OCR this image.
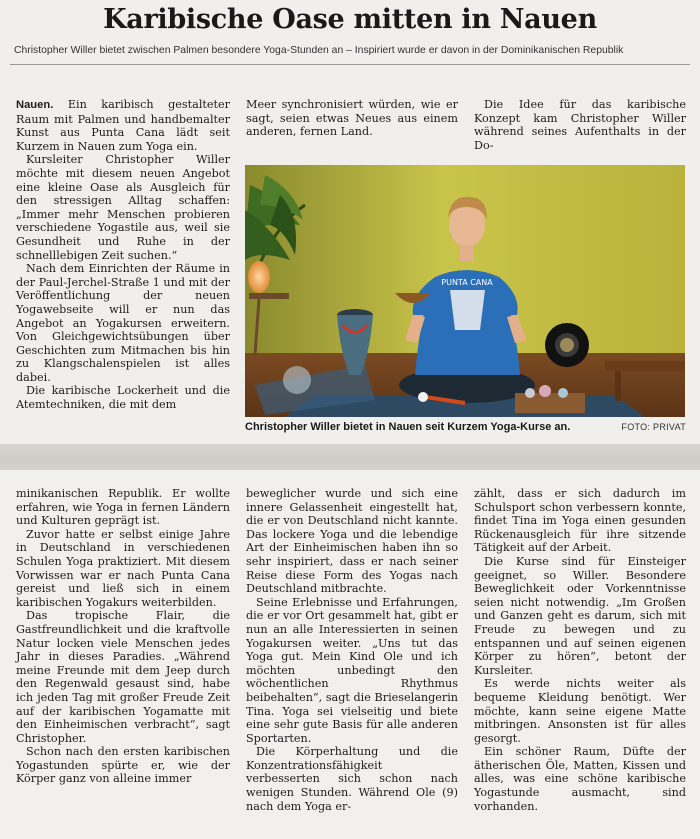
Karibische Oase mitten in Nauen
Christopher Willer bietet zwischen Palmen besondere Yoga-Stunden an – Inspiriert wurde er davon in der Dominikanischen Republik

Nauen. Ein karibisch gestalteter Raum mit Palmen und handbemalter Kunst aus Punta Cana lädt seit Kurzem in Nauen zum Yoga ein.

Kursleiter Christopher Willer möchte mit diesem neuen Angebot eine kleine Oase als Ausgleich für den stressigen Alltag schaffen: „Immer mehr Menschen probieren verschiedene Yogastile aus, weil sie Gesundheit und Ruhe in der schnelllebigen Zeit suchen.“

Nach dem Einrichten der Räume in der Paul-Jerchel-Straße 1 und mit der Veröffentlichung der neuen Yogawebseite will er nun das Angebot an Yogakursen erweitern. Von Gleichgewichtsübungen über Geschichten zum Mitmachen bis hin zu Klangschalenspielen ist alles dabei.

Die karibische Lockerheit und die Atemtechniken, die mit dem

Meer synchronisiert würden, wie er sagt, seien etwas Neues aus einem anderen, fernen Land.

Die Idee für das karibische Konzept kam Christopher Willer während seines Aufenthalts in der Do-

PUNTA CANA
Christopher Willer bietet in Nauen seit Kurzem Yoga-Kurse an.	FOTO: PRIVAT

minikanischen Republik. Er wollte erfahren, wie Yoga in fernen Ländern und Kulturen geprägt ist.

Zuvor hatte er selbst einige Jahre in Deutschland in verschiedenen Schulen Yoga praktiziert. Mit diesem Vorwissen war er nach Punta Cana gereist und ließ sich in einem karibischen Yogakurs weiterbilden.

Das tropische Flair, die Gastfreundlichkeit und die kraftvolle Natur locken viele Menschen jedes Jahr in dieses Paradies. „Während meine Freunde mit dem Jeep durch den Regenwald gesaust sind, habe ich jeden Tag mit großer Freude Zeit auf der karibischen Yogamatte mit den Einheimischen verbracht“, sagt Christopher.

Schon nach den ersten karibischen Yogastunden spürte er, wie der Körper ganz von alleine immer

beweglicher wurde und sich eine innere Gelassenheit eingestellt hat, die er von Deutschland nicht kannte. Das lockere Yoga und die lebendige Art der Einheimischen haben ihn so sehr inspiriert, dass er nach seiner Reise diese Form des Yogas nach Deutschland mitbrachte.

Seine Erlebnisse und Erfahrungen, die er vor Ort gesammelt hat, gibt er nun an alle Interessierten in seinen Yogakursen weiter. „Uns tut das Yoga gut. Mein Kind Ole und ich möchten unbedingt den wöchentlichen Rhythmus beibehalten“, sagt die Brieselangerin Tina. Yoga sei vielseitig und biete eine sehr gute Basis für alle anderen Sportarten.

Die Körperhaltung und die Konzentrationsfähigkeit verbesserten sich schon nach wenigen Stunden. Während Ole (9) nach dem Yoga er-

zählt, dass er sich dadurch im Schulsport schon verbessern konnte, findet Tina im Yoga einen gesunden Rückenausgleich für ihre sitzende Tätigkeit auf der Arbeit.

Die Kurse sind für Einsteiger geeignet, so Willer. Besondere Beweglichkeit oder Vorkenntnisse seien nicht notwendig. „Im Großen und Ganzen geht es darum, sich mit Freude zu bewegen und zu entspannen und auf seinen eigenen Körper zu hören“, betont der Kursleiter.

Es werde nichts weiter als bequeme Kleidung benötigt. Wer möchte, kann seine eigene Matte mitbringen. Ansonsten ist für alles gesorgt.

Ein schöner Raum, Düfte der ätherischen Öle, Matten, Kissen und alles, was eine schöne karibische Yogastunde ausmacht, sind vorhanden.
